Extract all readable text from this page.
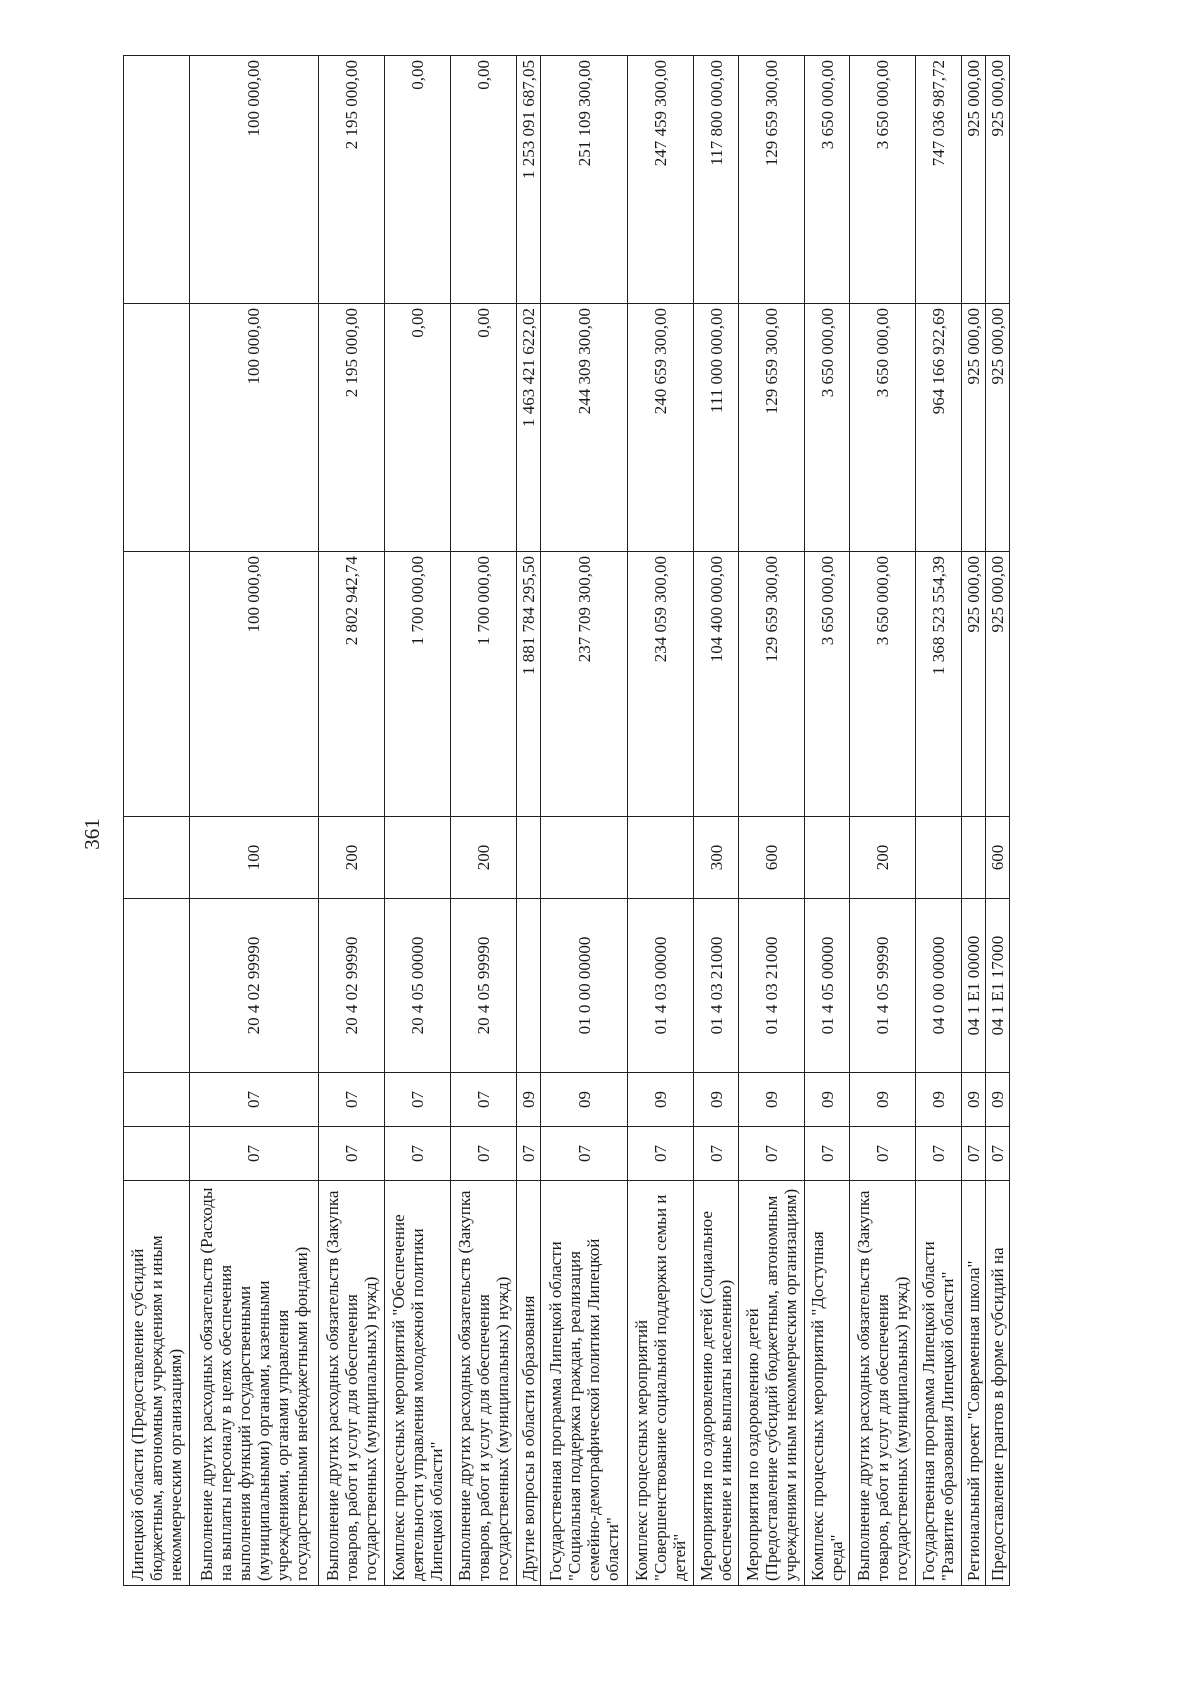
361
Липецкой области (Предоставление субсидий бюджетным, автономным учреждениям и иным некоммерческим организациям)							
Выполнение других расходных обязательств (Расходы на выплаты персоналу в целях обеспечения выполнения функций государственными (муниципальными) органами, казенными учреждениями, органами управления государственными внебюджетными фондами)	07	07	20 4 02 99990	100	100 000,00	100 000,00	100 000,00
Выполнение других расходных обязательств (Закупка товаров, работ и услуг для обеспечения государственных (муниципальных) нужд)	07	07	20 4 02 99990	200	2 802 942,74	2 195 000,00	2 195 000,00
Комплекс процессных мероприятий "Обеспечение деятельности управления молодежной политики Липецкой области"	07	07	20 4 05 00000		1 700 000,00	0,00	0,00
Выполнение других расходных обязательств (Закупка товаров, работ и услуг для обеспечения государственных (муниципальных) нужд)	07	07	20 4 05 99990	200	1 700 000,00	0,00	0,00
Другие вопросы в области образования	07	09			1 881 784 295,50	1 463 421 622,02	1 253 091 687,05
Государственная программа Липецкой области "Социальная поддержка граждан, реализация семейно-демографической политики Липецкой области"	07	09	01 0 00 00000		237 709 300,00	244 309 300,00	251 109 300,00
Комплекс процессных мероприятий "Совершенствование социальной поддержки семьи и детей"	07	09	01 4 03 00000		234 059 300,00	240 659 300,00	247 459 300,00
Мероприятия по оздоровлению детей (Социальное обеспечение и иные выплаты населению)	07	09	01 4 03 21000	300	104 400 000,00	111 000 000,00	117 800 000,00
Мероприятия по оздоровлению детей (Предоставление субсидий бюджетным, автономным учреждениям и иным некоммерческим организациям)	07	09	01 4 03 21000	600	129 659 300,00	129 659 300,00	129 659 300,00
Комплекс процессных мероприятий "Доступная среда"	07	09	01 4 05 00000		3 650 000,00	3 650 000,00	3 650 000,00
Выполнение других расходных обязательств (Закупка товаров, работ и услуг для обеспечения государственных (муниципальных) нужд)	07	09	01 4 05 99990	200	3 650 000,00	3 650 000,00	3 650 000,00
Государственная программа Липецкой области "Развитие образования Липецкой области"	07	09	04 0 00 00000		1 368 523 554,39	964 166 922,69	747 036 987,72
Региональный проект "Современная школа"	07	09	04 1 E1 00000		925 000,00	925 000,00	925 000,00
Предоставление грантов в форме субсидий на	07	09	04 1 E1 17000	600	925 000,00	925 000,00	925 000,00
